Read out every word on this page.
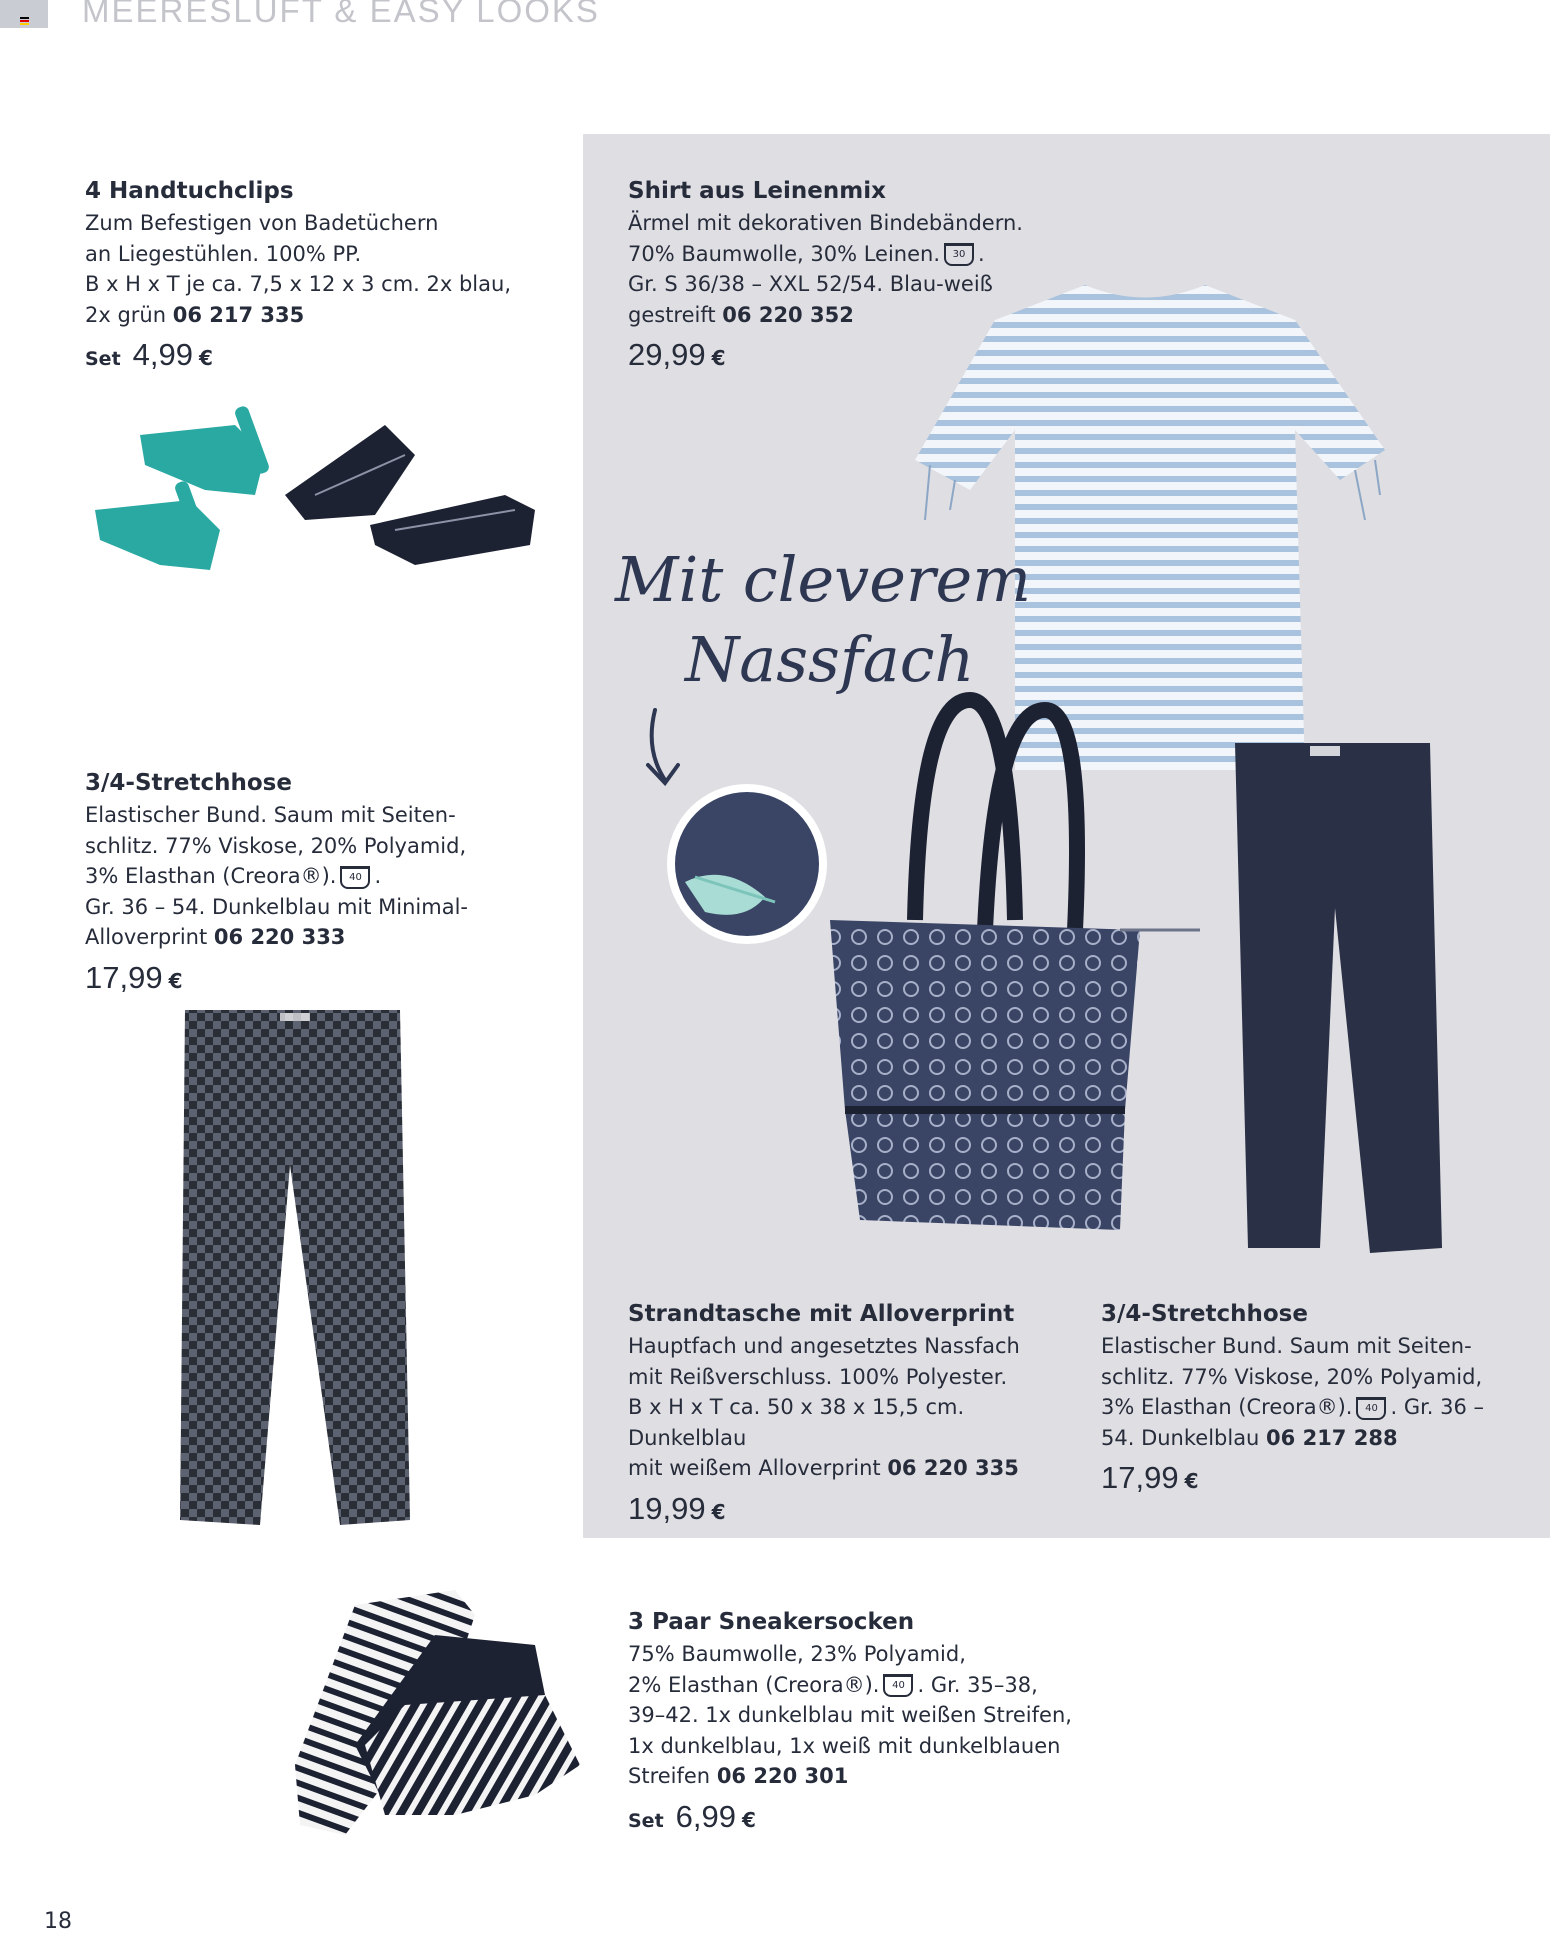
MEERESLUFT & EASY LOOKS
4 Handtuchclips
Zum Befestigen von Badetüchern
an Liegestühlen. 100% PP.
B x H x T je ca. 7,5 x 12 x 3 cm. 2x blau,
2x grün 06 217 335
Set 4,99 €
Shirt aus Leinenmix
Ärmel mit dekorativen Bindebändern.
70% Baumwolle, 30% Leinen. 30 .
Gr. S 36/38 – XXL 52/54. Blau-weiß
gestreift 06 220 352
29,99 €
Mit cleverem
Nassfach
3/4-Stretchhose
Elastischer Bund. Saum mit Seiten-
schlitz. 77% Viskose, 20% Polyamid,
3% Elasthan (Creora®). 40 .
Gr. 36 – 54. Dunkelblau mit Minimal-
Alloverprint 06 220 333
17,99 €
Strandtasche mit Alloverprint
Hauptfach und angesetztes Nassfach
mit Reißverschluss. 100% Polyester.
B x H x T ca. 50 x 38 x 15,5 cm. Dunkelblau
mit weißem Alloverprint 06 220 335
19,99 €
3/4-Stretchhose
Elastischer Bund. Saum mit Seiten-
schlitz. 77% Viskose, 20% Polyamid,
3% Elasthan (Creora®). 40 . Gr. 36 –
54. Dunkelblau 06 217 288
17,99 €
3 Paar Sneakersocken
75% Baumwolle, 23% Polyamid,
2% Elasthan (Creora®). 40 . Gr. 35–38,
39–42. 1x dunkelblau mit weißen Streifen,
1x dunkelblau, 1x weiß mit dunkelblauen
Streifen 06 220 301
Set 6,99 €
18
